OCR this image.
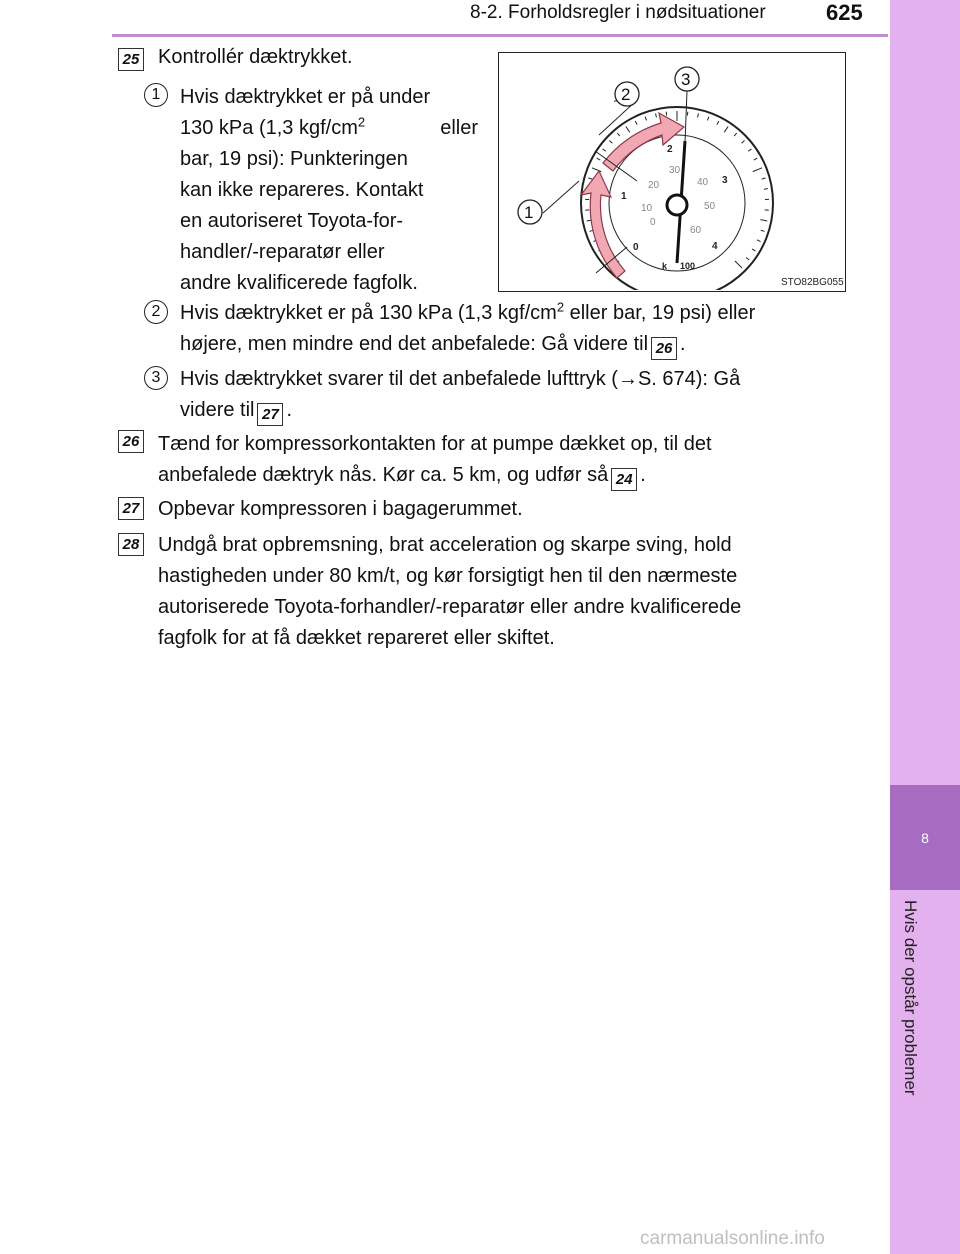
8-2. Forholdsregler i nødsituationer	625
8
Hvis der opstår problemer
25 Kontrollér dæktrykket.
1 Hvis dæktrykket er på under
130 kPa (1,3 kgf/$cm^2$	eller
bar, 19 psi): Punkteringen
kan ikke repareres. Kontakt
en autoriseret Toyota-for-
handler/-reparatør eller
andre kvalificerede fagfolk.
0
1
2
3
4
0
10
20
30
40
50
60
k 100
1
2
3
STO82BG055
2 Hvis dæktrykket er på 130 kPa (1,3 kgf/$cm^2$ eller bar, 19 psi) eller
højere, men mindre end det anbefalede: Gå videre til 26 .
3 Hvis dæktrykket svarer til det anbefalede lufttryk (→S. 674): Gå
videre til 27 .
26 Tænd for kompressorkontakten for at pumpe dækket op, til det
anbefalede dæktryk nås. Kør ca. 5 km, og udfør så 24 .
27 Opbevar kompressoren i bagagerummet.
28 Undgå brat opbremsning, brat acceleration og skarpe sving, hold
hastigheden under 80 km/t, og kør forsigtigt hen til den nærmeste
autoriserede Toyota-forhandler/-reparatør eller andre kvalificerede
fagfolk for at få dækket repareret eller skiftet.
carmanualsonline.info
